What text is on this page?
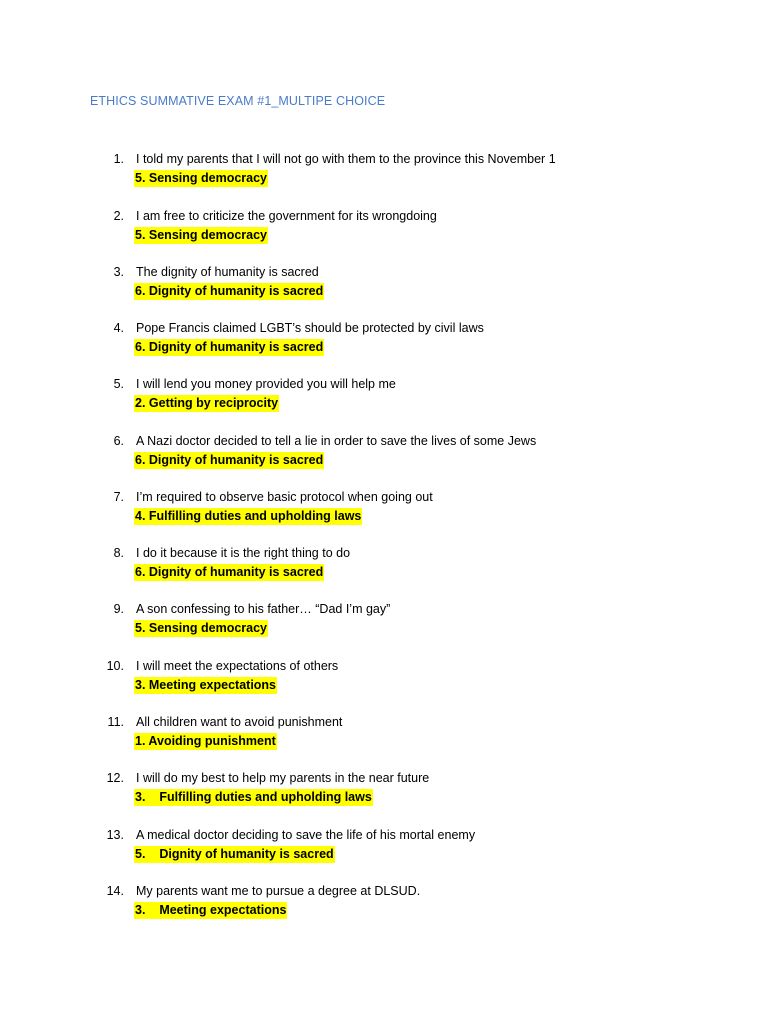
ETHICS SUMMATIVE EXAM #1_MULTIPE CHOICE
1. I told my parents that I will not go with them to the province this November 1
5. Sensing democracy
2. I am free to criticize the government for its wrongdoing
5. Sensing democracy
3. The dignity of humanity is sacred
6. Dignity of humanity is sacred
4. Pope Francis claimed LGBT’s should be protected by civil laws
6. Dignity of humanity is sacred
5. I will lend you money provided you will help me
2. Getting by reciprocity
6. A Nazi doctor decided to tell a lie in order to save the lives of some Jews
6. Dignity of humanity is sacred
7. I’m required to observe basic protocol when going out
4. Fulfilling duties and upholding laws
8. I do it because it is the right thing to do
6. Dignity of humanity is sacred
9. A son confessing to his father… “Dad I’m gay”
5. Sensing democracy
10. I will meet the expectations of others
3. Meeting expectations
11. All children want to avoid punishment
1. Avoiding punishment
12. I will do my best to help my parents in the near future
3.    Fulfilling duties and upholding laws
13. A medical doctor deciding to save the life of his mortal enemy
5.    Dignity of humanity is sacred
14. My parents want me to pursue a degree at DLSUD.
3.    Meeting expectations
